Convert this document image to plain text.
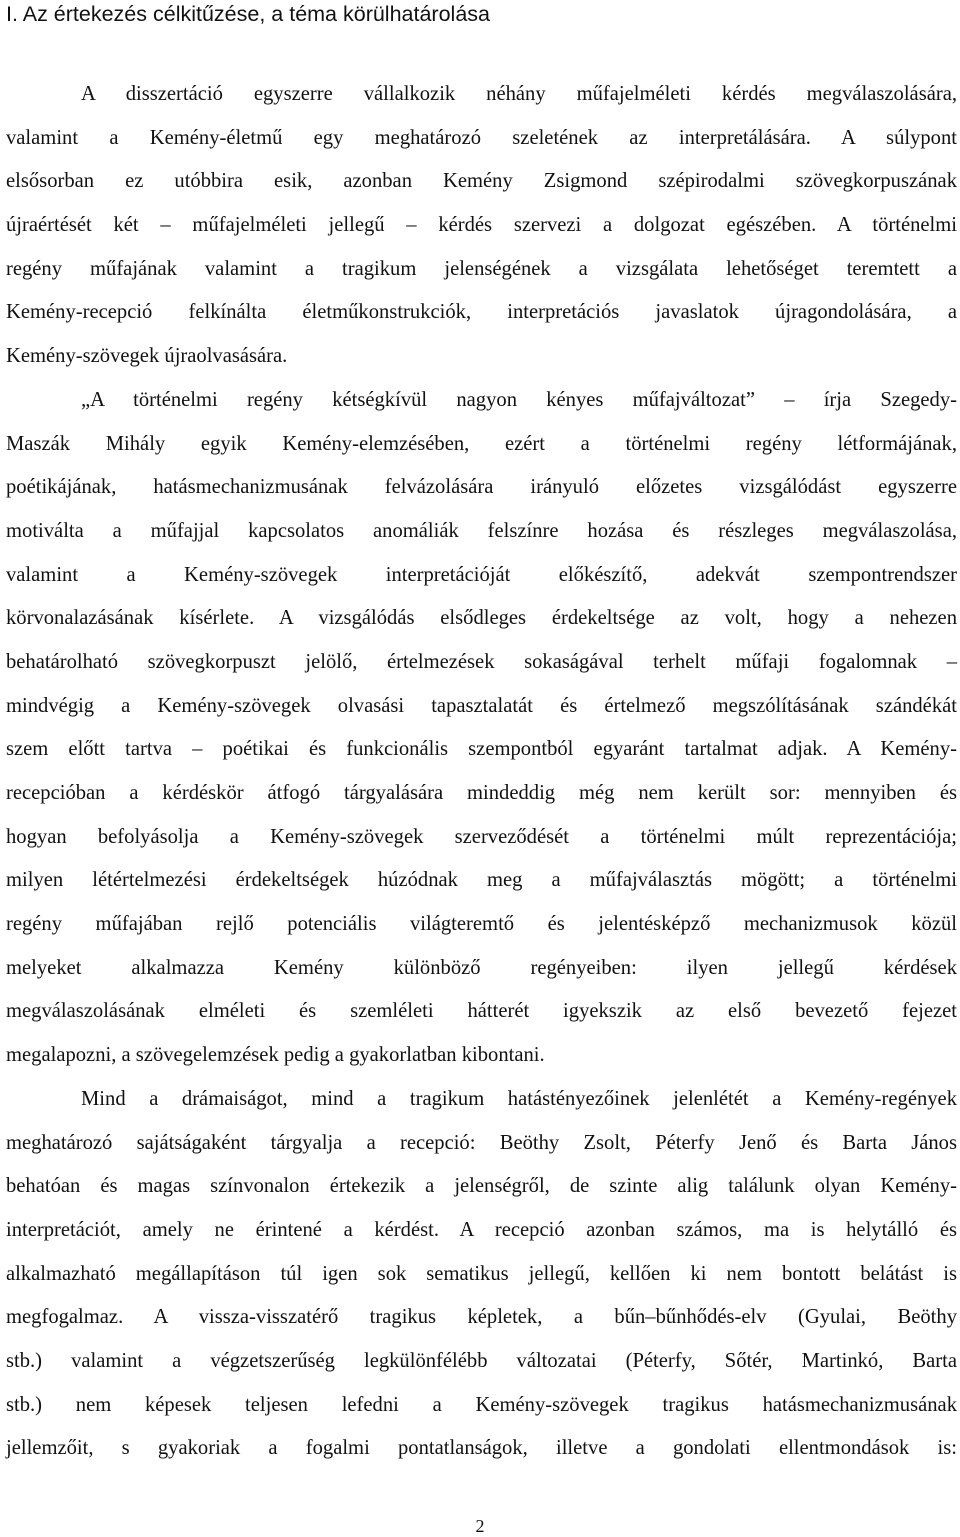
I. Az értekezés célkitűzése, a téma körülhatárolása
A disszertáció egyszerre vállalkozik néhány műfajelméleti kérdés megválaszolására,
valamint a Kemény-életmű egy meghatározó szeletének az interpretálására. A súlypont
elsősorban ez utóbbira esik, azonban Kemény Zsigmond szépirodalmi szövegkorpuszának
újraértését két – műfajelméleti jellegű – kérdés szervezi a dolgozat egészében. A történelmi
regény műfajának valamint a tragikum jelenségének a vizsgálata lehetőséget teremtett a
Kemény-recepció felkínálta életműkonstrukciók, interpretációs javaslatok újragondolására, a
Kemény-szövegek újraolvasására.
„A történelmi regény kétségkívül nagyon kényes műfajváltozat” – írja Szegedy-
Maszák Mihály egyik Kemény-elemzésében, ezért a történelmi regény létformájának,
poétikájának, hatásmechanizmusának felvázolására irányuló előzetes vizsgálódást egyszerre
motiválta a műfajjal kapcsolatos anomáliák felszínre hozása és részleges megválaszolása,
valamint a Kemény-szövegek interpretációját előkészítő, adekvát szempontrendszer
körvonalazásának kísérlete. A vizsgálódás elsődleges érdekeltsége az volt, hogy a nehezen
behatárolható szövegkorpuszt jelölő, értelmezések sokaságával terhelt műfaji fogalomnak –
mindvégig a Kemény-szövegek olvasási tapasztalatát és értelmező megszólításának szándékát
szem előtt tartva – poétikai és funkcionális szempontból egyaránt tartalmat adjak. A Kemény-
recepcióban a kérdéskör átfogó tárgyalására mindeddig még nem került sor: mennyiben és
hogyan befolyásolja a Kemény-szövegek szerveződését a történelmi múlt reprezentációja;
milyen létértelmezési érdekeltségek húzódnak meg a műfajválasztás mögött; a történelmi
regény műfajában rejlő potenciális világteremtő és jelentésképző mechanizmusok közül
melyeket alkalmazza Kemény különböző regényeiben: ilyen jellegű kérdések
megválaszolásának elméleti és szemléleti hátterét igyekszik az első bevezető fejezet
megalapozni, a szövegelemzések pedig a gyakorlatban kibontani.
Mind a drámaiságot, mind a tragikum hatástényezőinek jelenlétét a Kemény-regények
meghatározó sajátságaként tárgyalja a recepció: Beöthy Zsolt, Péterfy Jenő és Barta János
behatóan és magas színvonalon értekezik a jelenségről, de szinte alig találunk olyan Kemény-
interpretációt, amely ne érintené a kérdést. A recepció azonban számos, ma is helytálló és
alkalmazható megállapításon túl igen sok sematikus jellegű, kellően ki nem bontott belátást is
megfogalmaz. A vissza-visszatérő tragikus képletek, a bűn–bűnhődés-elv (Gyulai, Beöthy
stb.) valamint a végzetszerűség legkülönfélébb változatai (Péterfy, Sőtér, Martinkó, Barta
stb.) nem képesek teljesen lefedni a Kemény-szövegek tragikus hatásmechanizmusának
jellemzőit, s gyakoriak a fogalmi pontatlanságok, illetve a gondolati ellentmondások is:
2
